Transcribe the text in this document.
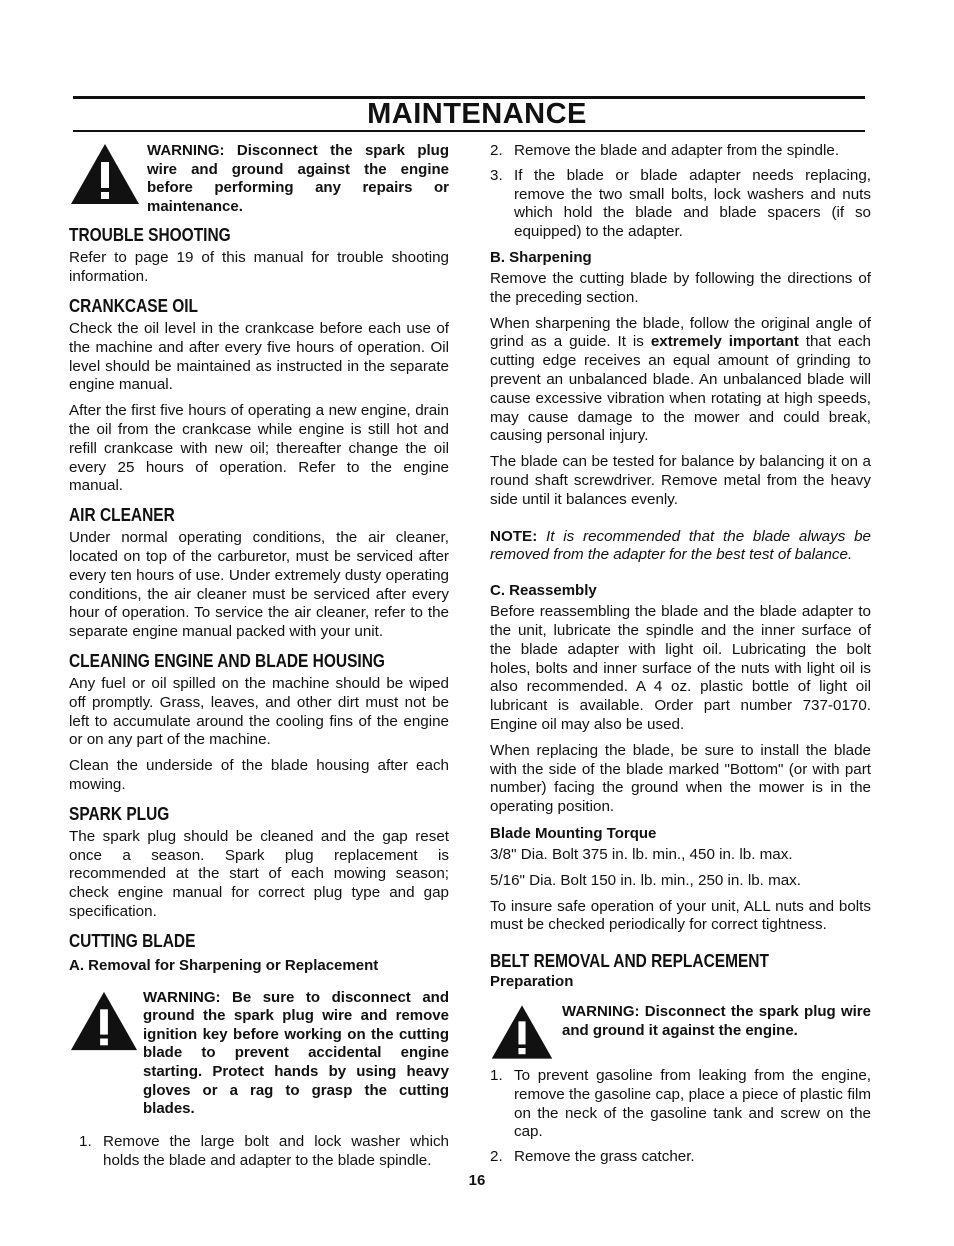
MAINTENANCE
WARNING: Disconnect the spark plug wire and ground against the engine before performing any repairs or maintenance.
TROUBLE SHOOTING

Refer to page 19 of this manual for trouble shooting information.

CRANKCASE OIL

Check the oil level in the crankcase before each use of the machine and after every five hours of operation. Oil level should be maintained as instructed in the separate engine manual.

After the first five hours of operating a new engine, drain the oil from the crankcase while engine is still hot and refill crankcase with new oil; thereafter change the oil every 25 hours of operation. Refer to the engine manual.

AIR CLEANER

Under normal operating conditions, the air cleaner, located on top of the carburetor, must be serviced after every ten hours of use. Under extremely dusty operating conditions, the air cleaner must be serviced after every hour of operation. To service the air cleaner, refer to the separate engine manual packed with your unit.

CLEANING ENGINE AND BLADE HOUSING

Any fuel or oil spilled on the machine should be wiped off promptly. Grass, leaves, and other dirt must not be left to accumulate around the cooling fins of the engine or on any part of the machine.

Clean the underside of the blade housing after each mowing.

SPARK PLUG

The spark plug should be cleaned and the gap reset once a season. Spark plug replacement is recommended at the start of each mowing season; check engine manual for correct plug type and gap specification.

CUTTING BLADE
A. Removal for Sharpening or Replacement
WARNING: Be sure to disconnect and ground the spark plug wire and remove ignition key before working on the cutting blade to prevent accidental engine starting. Protect hands by using heavy gloves or a rag to grasp the cutting blades.
1. Remove the large bolt and lock washer which holds the blade and adapter to the blade spindle.
2. Remove the blade and adapter from the spindle.
3. If the blade or blade adapter needs replacing, remove the two small bolts, lock washers and nuts which hold the blade and blade spacers (if so equipped) to the adapter.
B. Sharpening

Remove the cutting blade by following the directions of the preceding section.

When sharpening the blade, follow the original angle of grind as a guide. It is extremely important that each cutting edge receives an equal amount of grinding to prevent an unbalanced blade. An unbalanced blade will cause excessive vibration when rotating at high speeds, may cause damage to the mower and could break, causing personal injury.

The blade can be tested for balance by balancing it on a round shaft screwdriver. Remove metal from the heavy side until it balances evenly.

NOTE: It is recommended that the blade always be removed from the adapter for the best test of balance.

C. Reassembly

Before reassembling the blade and the blade adapter to the unit, lubricate the spindle and the inner surface of the blade adapter with light oil. Lubricating the bolt holes, bolts and inner surface of the nuts with light oil is also recommended. A 4 oz. plastic bottle of light oil lubricant is available. Order part number 737-0170. Engine oil may also be used.

When replacing the blade, be sure to install the blade with the side of the blade marked "Bottom" (or with part number) facing the ground when the mower is in the operating position.

Blade Mounting Torque

3/8" Dia. Bolt 375 in. lb. min., 450 in. lb. max.

5/16" Dia. Bolt 150 in. lb. min., 250 in. lb. max.

To insure safe operation of your unit, ALL nuts and bolts must be checked periodically for correct tightness.

BELT REMOVAL AND REPLACEMENT
Preparation
WARNING: Disconnect the spark plug wire and ground it against the engine.
1. To prevent gasoline from leaking from the engine, remove the gasoline cap, place a piece of plastic film on the neck of the gasoline tank and screw on the cap.
2. Remove the grass catcher.
16
